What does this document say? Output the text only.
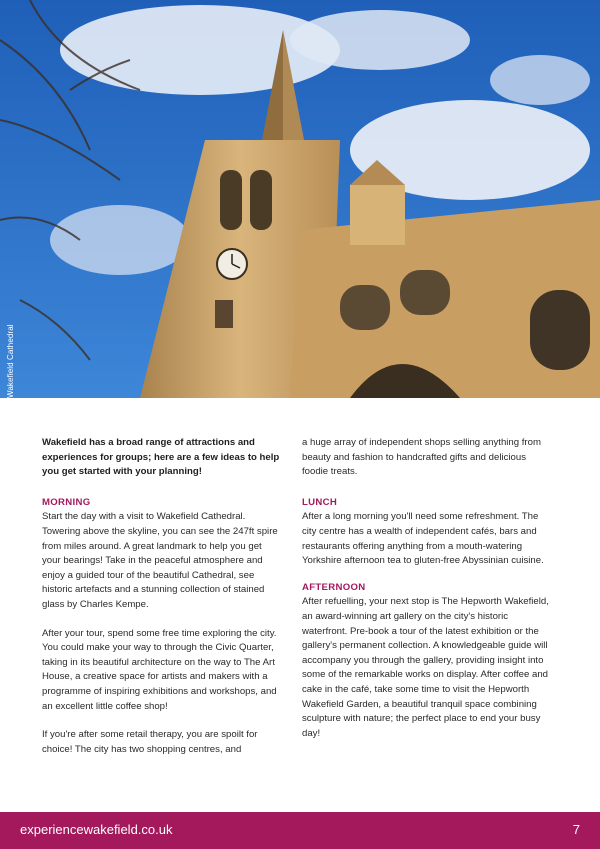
Wakefield Cathedral

Wakefield has a broad range of attractions and experiences for groups; here are a few ideas to help you get started with your planning!

MORNING

Start the day with a visit to Wakefield Cathedral. Towering above the skyline, you can see the 247ft spire from miles around. A great landmark to help you get your bearings! Take in the peaceful atmosphere and enjoy a guided tour of the beautiful Cathedral, see historic artefacts and a stunning collection of stained glass by Charles Kempe.

After your tour, spend some free time exploring the city. You could make your way to through the Civic Quarter, taking in its beautiful architecture on the way to The Art House, a creative space for artists and makers with a programme of inspiring exhibitions and workshops, and an excellent little coffee shop!

If you're after some retail therapy, you are spoilt for choice! The city has two shopping centres, and

a huge array of independent shops selling anything from beauty and fashion to handcrafted gifts and delicious foodie treats.

LUNCH

After a long morning you'll need some refreshment. The city centre has a wealth of independent cafés, bars and restaurants offering anything from a mouth-watering Yorkshire afternoon tea to gluten-free Abyssinian cuisine.

AFTERNOON

After refuelling, your next stop is The Hepworth Wakefield, an award-winning art gallery on the city's historic waterfront. Pre-book a tour of the latest exhibition or the gallery's permanent collection. A knowledgeable guide will accompany you through the gallery, providing insight into some of the remarkable works on display. After coffee and cake in the café, take some time to visit the Hepworth Wakefield Garden, a beautiful tranquil space combining sculpture with nature; the perfect place to end your busy day!

experiencewakefield.co.uk	7
